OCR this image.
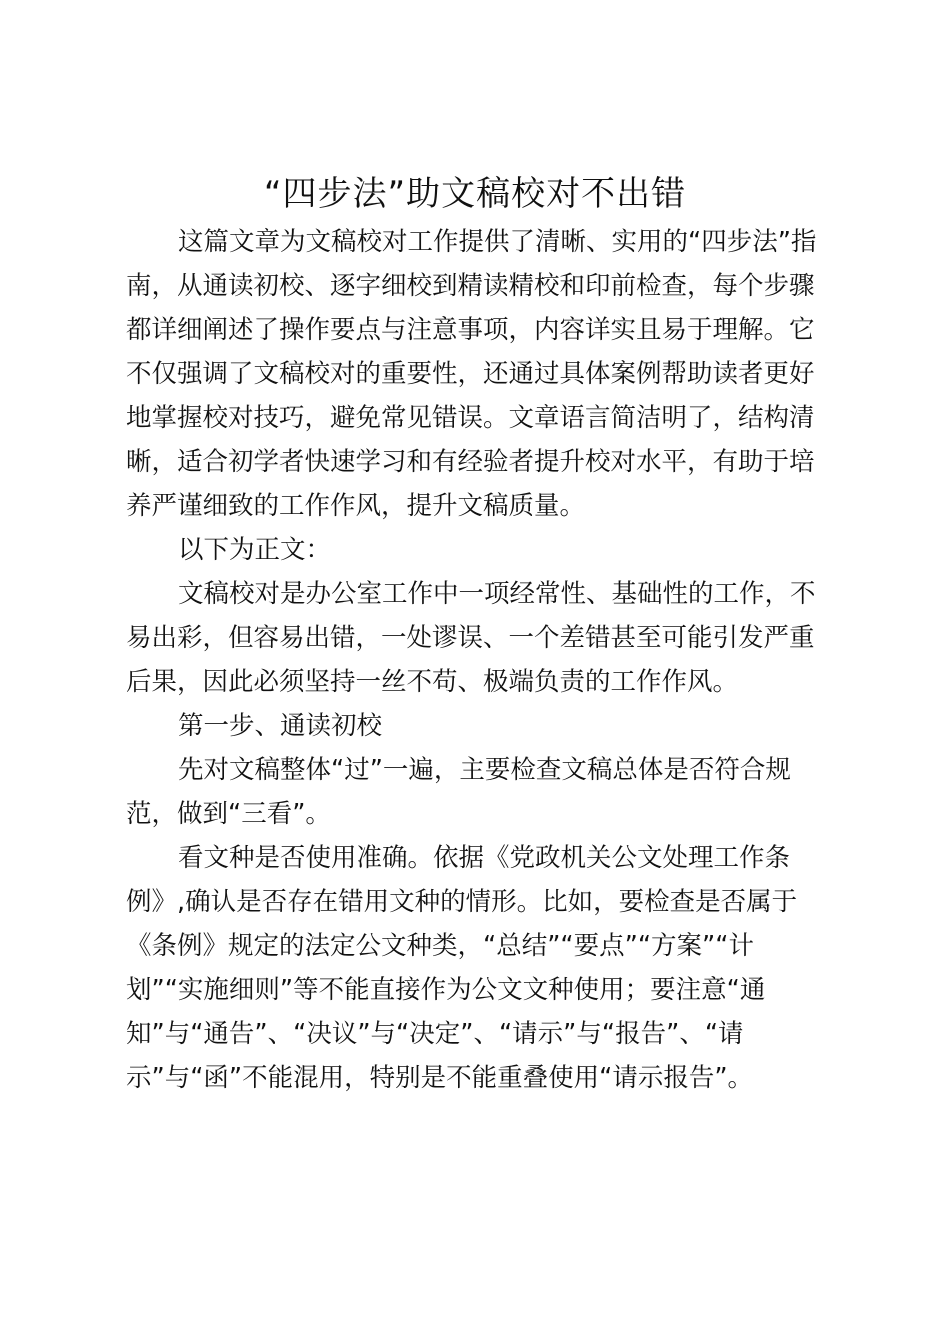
“四步法”助文稿校对不出错
这篇文章为文稿校对工作提供了清晰、实用的“四步法”指
南，从通读初校、逐字细校到精读精校和印前检查，每个步骤
都详细阐述了操作要点与注意事项，内容详实且易于理解。它
不仅强调了文稿校对的重要性，还通过具体案例帮助读者更好
地掌握校对技巧，避免常见错误。文章语言简洁明了，结构清
晰，适合初学者快速学习和有经验者提升校对水平，有助于培
养严谨细致的工作作风，提升文稿质量。
以下为正文：
文稿校对是办公室工作中一项经常性、基础性的工作，不
易出彩，但容易出错，一处谬误、一个差错甚至可能引发严重
后果，因此必须坚持一丝不苟、极端负责的工作作风。
第一步、通读初校
先对文稿整体“过”一遍，主要检查文稿总体是否符合规
范，做到“三看”。
看文种是否使用准确。依据《党政机关公文处理工作条
例》,确认是否存在错用文种的情形。比如，要检查是否属于
《条例》规定的法定公文种类，“总结”“要点”“方案”“计
划”“实施细则”等不能直接作为公文文种使用；要注意“通
知”与“通告”、“决议”与“决定”、“请示”与“报告”、“请
示”与“函”不能混用，特别是不能重叠使用“请示报告”。
